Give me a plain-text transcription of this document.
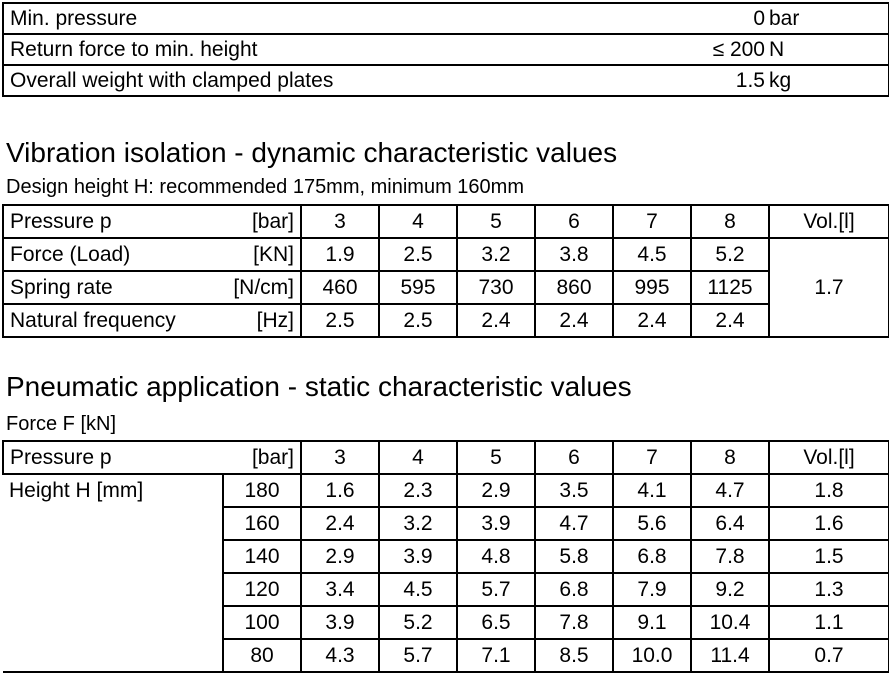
Min. pressure	0	bar
Return force to min. height	≤ 200	N
Overall weight with clamped plates	1.5	kg
Vibration isolation - dynamic characteristic values
Design height H: recommended 175mm, minimum 160mm
Pressure p	[bar]	3	4	5	6	7	8	Vol.[l]
Force (Load)	[KN]	1.9	2.5	3.2	3.8	4.5	5.2	1.7
Spring rate	[N/cm]	460	595	730	860	995	1125	
Natural frequency	[Hz]	2.5	2.5	2.4	2.4	2.4	2.4	
Pneumatic application - static characteristic values
Force F [kN]
Pressure p	[bar]	3	4	5	6	7	8	Vol.[l]
Height H [mm]	180	1.6	2.3	2.9	3.5	4.1	4.7	1.8
	160	2.4	3.2	3.9	4.7	5.6	6.4	1.6
	140	2.9	3.9	4.8	5.8	6.8	7.8	1.5
	120	3.4	4.5	5.7	6.8	7.9	9.2	1.3
	100	3.9	5.2	6.5	7.8	9.1	10.4	1.1
	80	4.3	5.7	7.1	8.5	10.0	11.4	0.7
